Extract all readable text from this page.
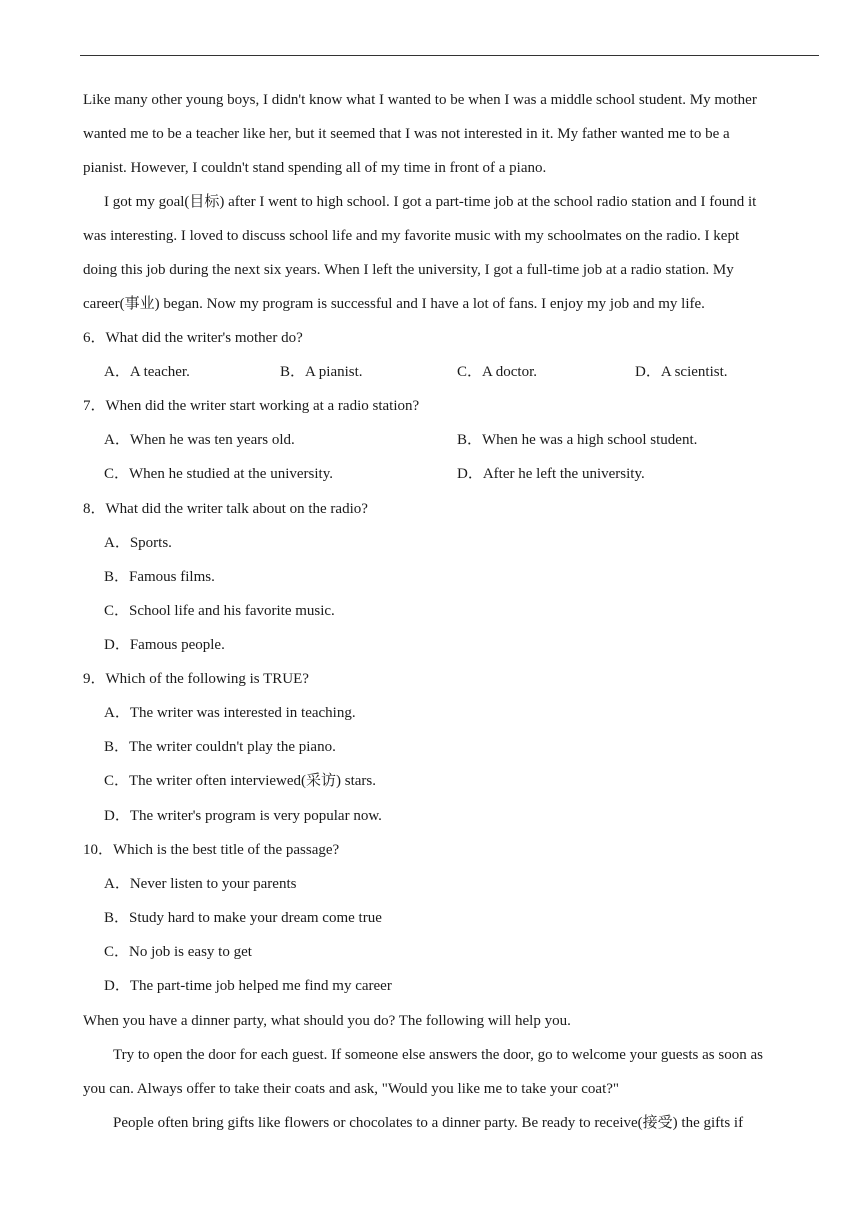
Like many other young boys, I didn't know what I wanted to be when I was a middle school student. My mother
wanted me to be a teacher like her, but it seemed that I was not interested in it. My father wanted me to be a
pianist. However, I couldn't stand spending all of my time in front of a piano.
I got my goal(目标) after I went to high school. I got a part-time job at the school radio station and I found it
was interesting. I loved to discuss school life and my favorite music with my schoolmates on the radio. I kept
doing this job during the next six years. When I left the university, I got a full-time job at a radio station. My
career(事业) began. Now my program is successful and I have a lot of fans. I enjoy my job and my life.
6．What did the writer's mother do?
A．A teacher.	B．A pianist.	C．A doctor.	D．A scientist.
7．When did the writer start working at a radio station?
A．When he was ten years old.	B．When he was a high school student.
C．When he studied at the university.	D．After he left the university.
8．What did the writer talk about on the radio?
A．Sports.
B．Famous films.
C．School life and his favorite music.
D．Famous people.
9．Which of the following is TRUE?
A．The writer was interested in teaching.
B．The writer couldn't play the piano.
C．The writer often interviewed(采访) stars.
D．The writer's program is very popular now.
10．Which is the best title of the passage?
A．Never listen to your parents
B．Study hard to make your dream come true
C．No job is easy to get
D．The part-time job helped me find my career
When you have a dinner party, what should you do? The following will help you.
Try to open the door for each guest. If someone else answers the door, go to welcome your guests as soon as
you can. Always offer to take their coats and ask, "Would you like me to take your coat?"
People often bring gifts like flowers or chocolates to a dinner party. Be ready to receive(接受) the gifts if
